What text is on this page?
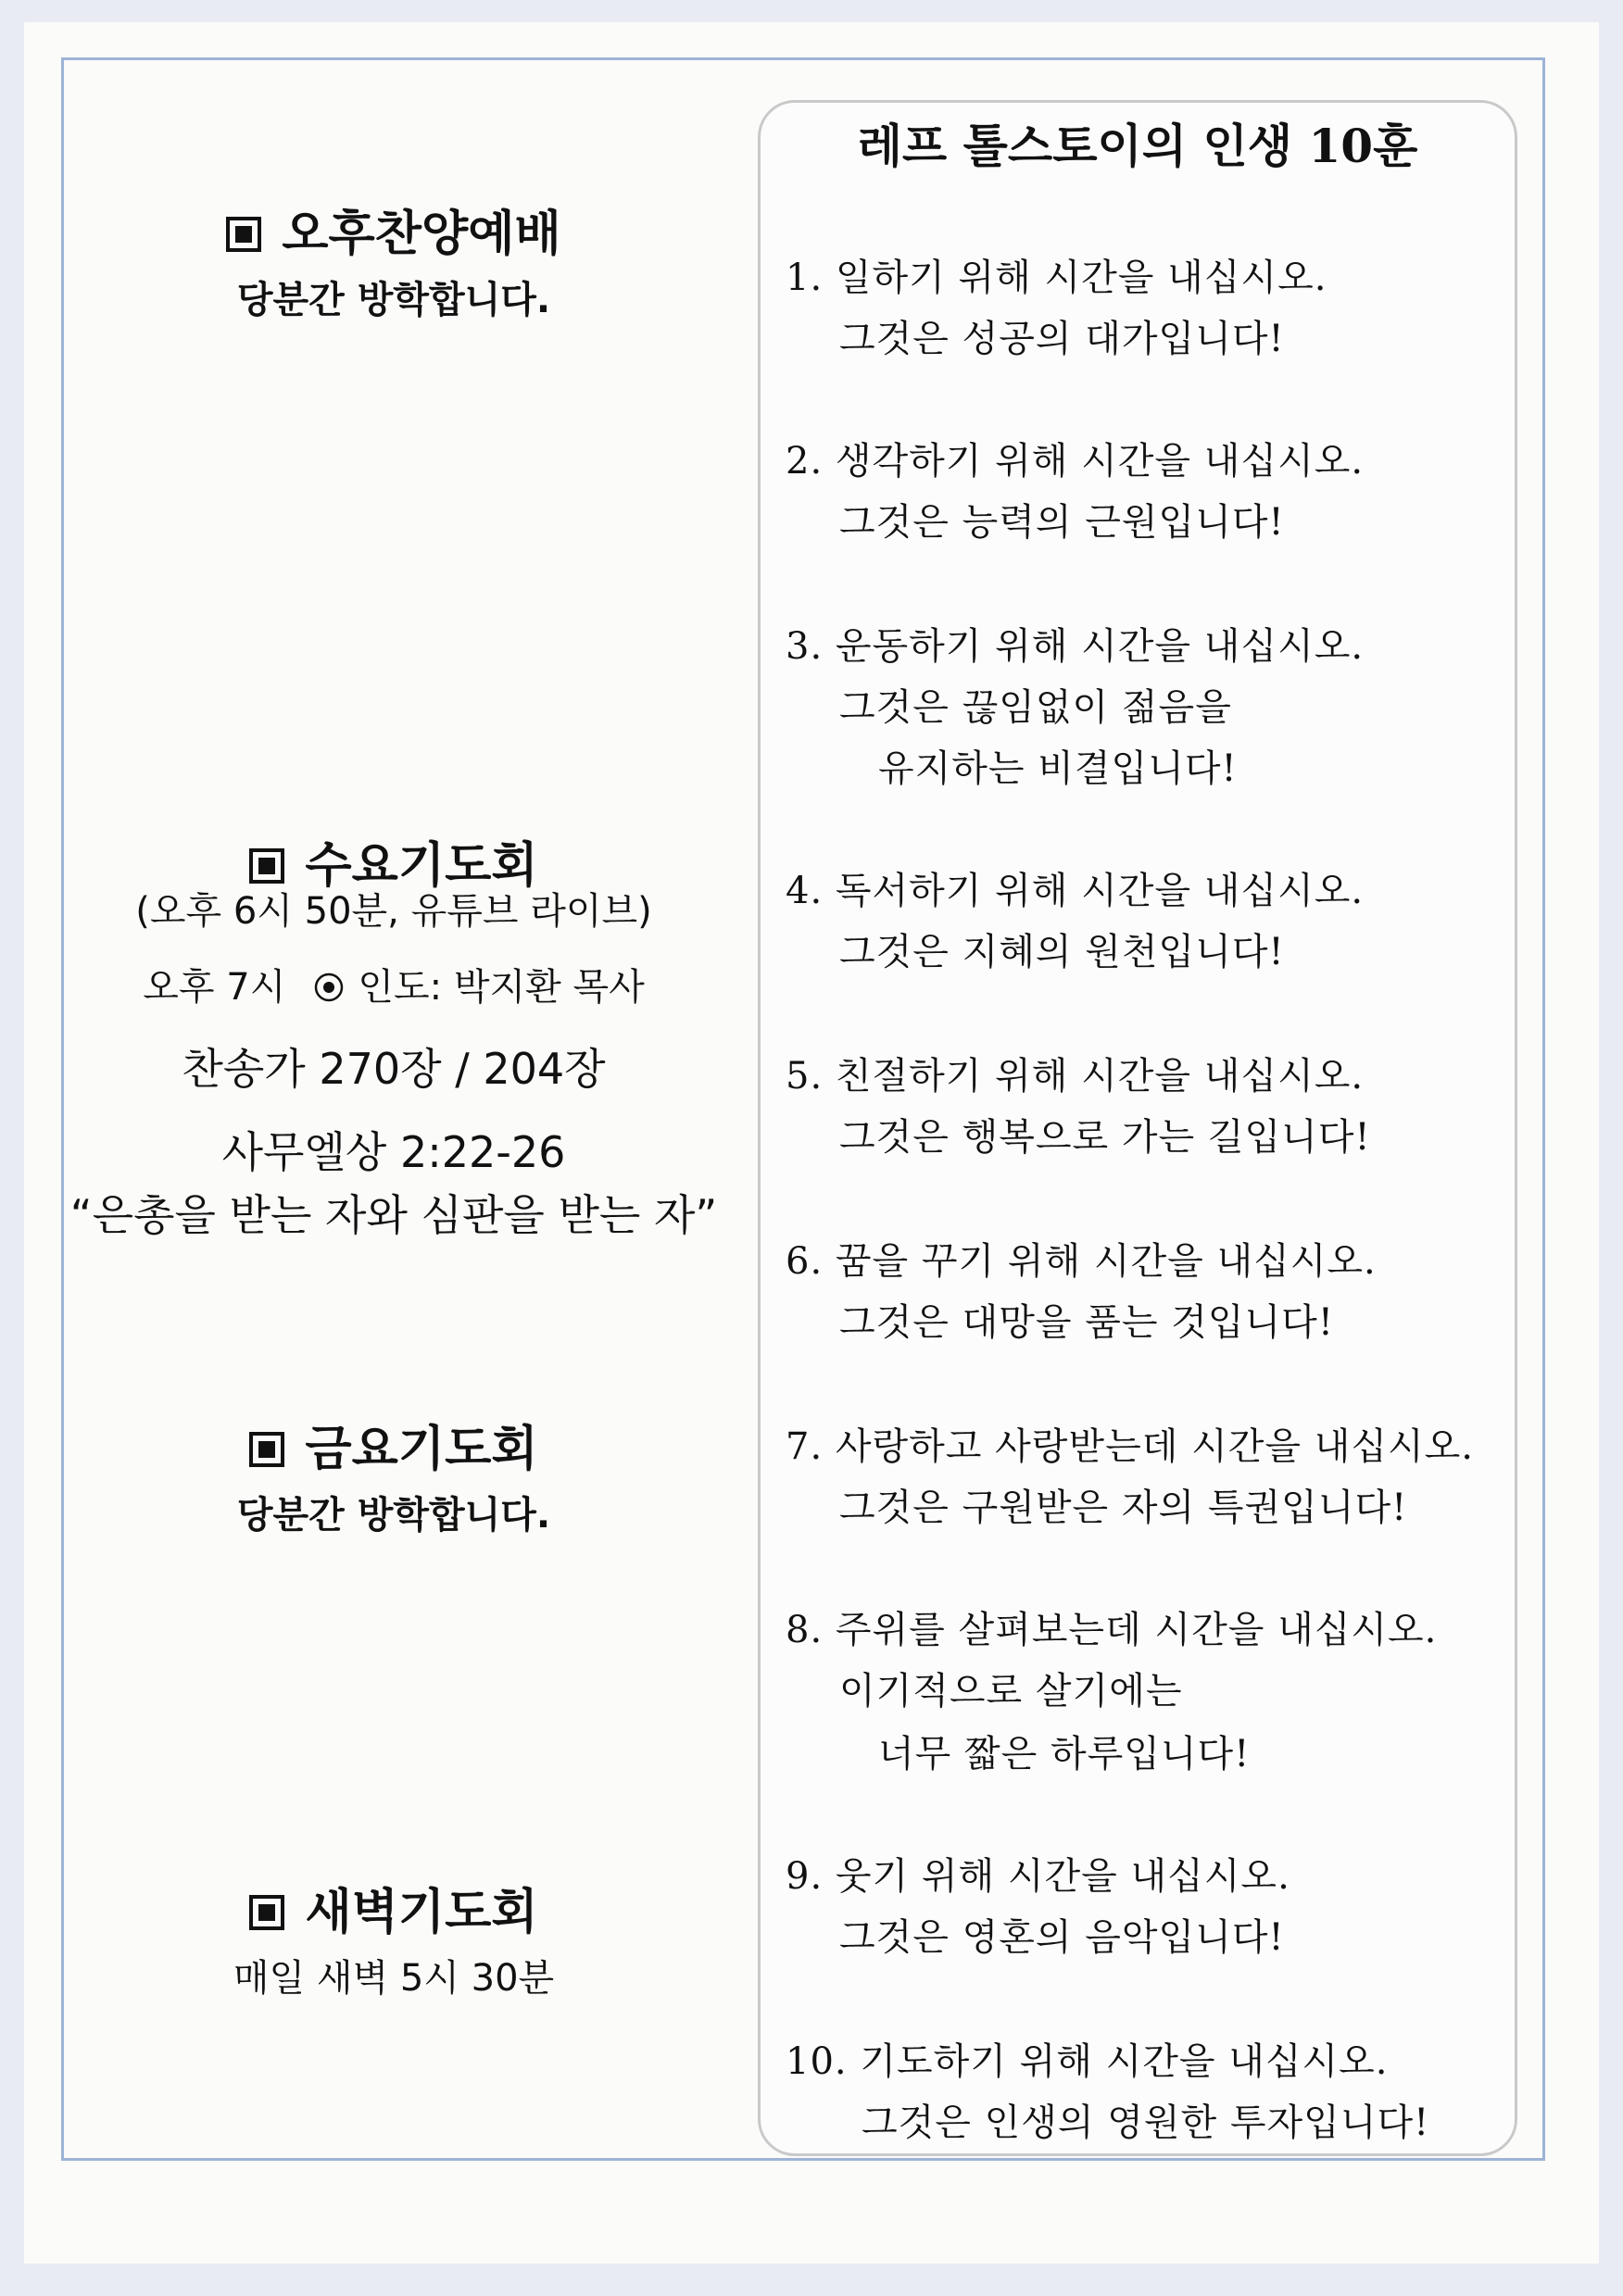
오후찬양예배
당분간 방학합니다.
수요기도회
(오후 6시 50분, 유튜브 라이브)
오후 7시 인도: 박지환 목사
찬송가 270장 / 204장
사무엘상 2:22-26
“은총을 받는 자와 심판을 받는 자”
금요기도회
당분간 방학합니다.
새벽기도회
매일 새벽 5시 30분
레프 톨스토이의 인생 10훈
1. 일하기 위해 시간을 내십시오.
그것은 성공의 대가입니다!
2. 생각하기 위해 시간을 내십시오.
그것은 능력의 근원입니다!
3. 운동하기 위해 시간을 내십시오.
그것은 끊임없이 젊음을
유지하는 비결입니다!
4. 독서하기 위해 시간을 내십시오.
그것은 지혜의 원천입니다!
5. 친절하기 위해 시간을 내십시오.
그것은 행복으로 가는 길입니다!
6. 꿈을 꾸기 위해 시간을 내십시오.
그것은 대망을 품는 것입니다!
7. 사랑하고 사랑받는데 시간을 내십시오.
그것은 구원받은 자의 특권입니다!
8. 주위를 살펴보는데 시간을 내십시오.
이기적으로 살기에는
너무 짧은 하루입니다!
9. 웃기 위해 시간을 내십시오.
그것은 영혼의 음악입니다!
10. 기도하기 위해 시간을 내십시오.
그것은 인생의 영원한 투자입니다!
